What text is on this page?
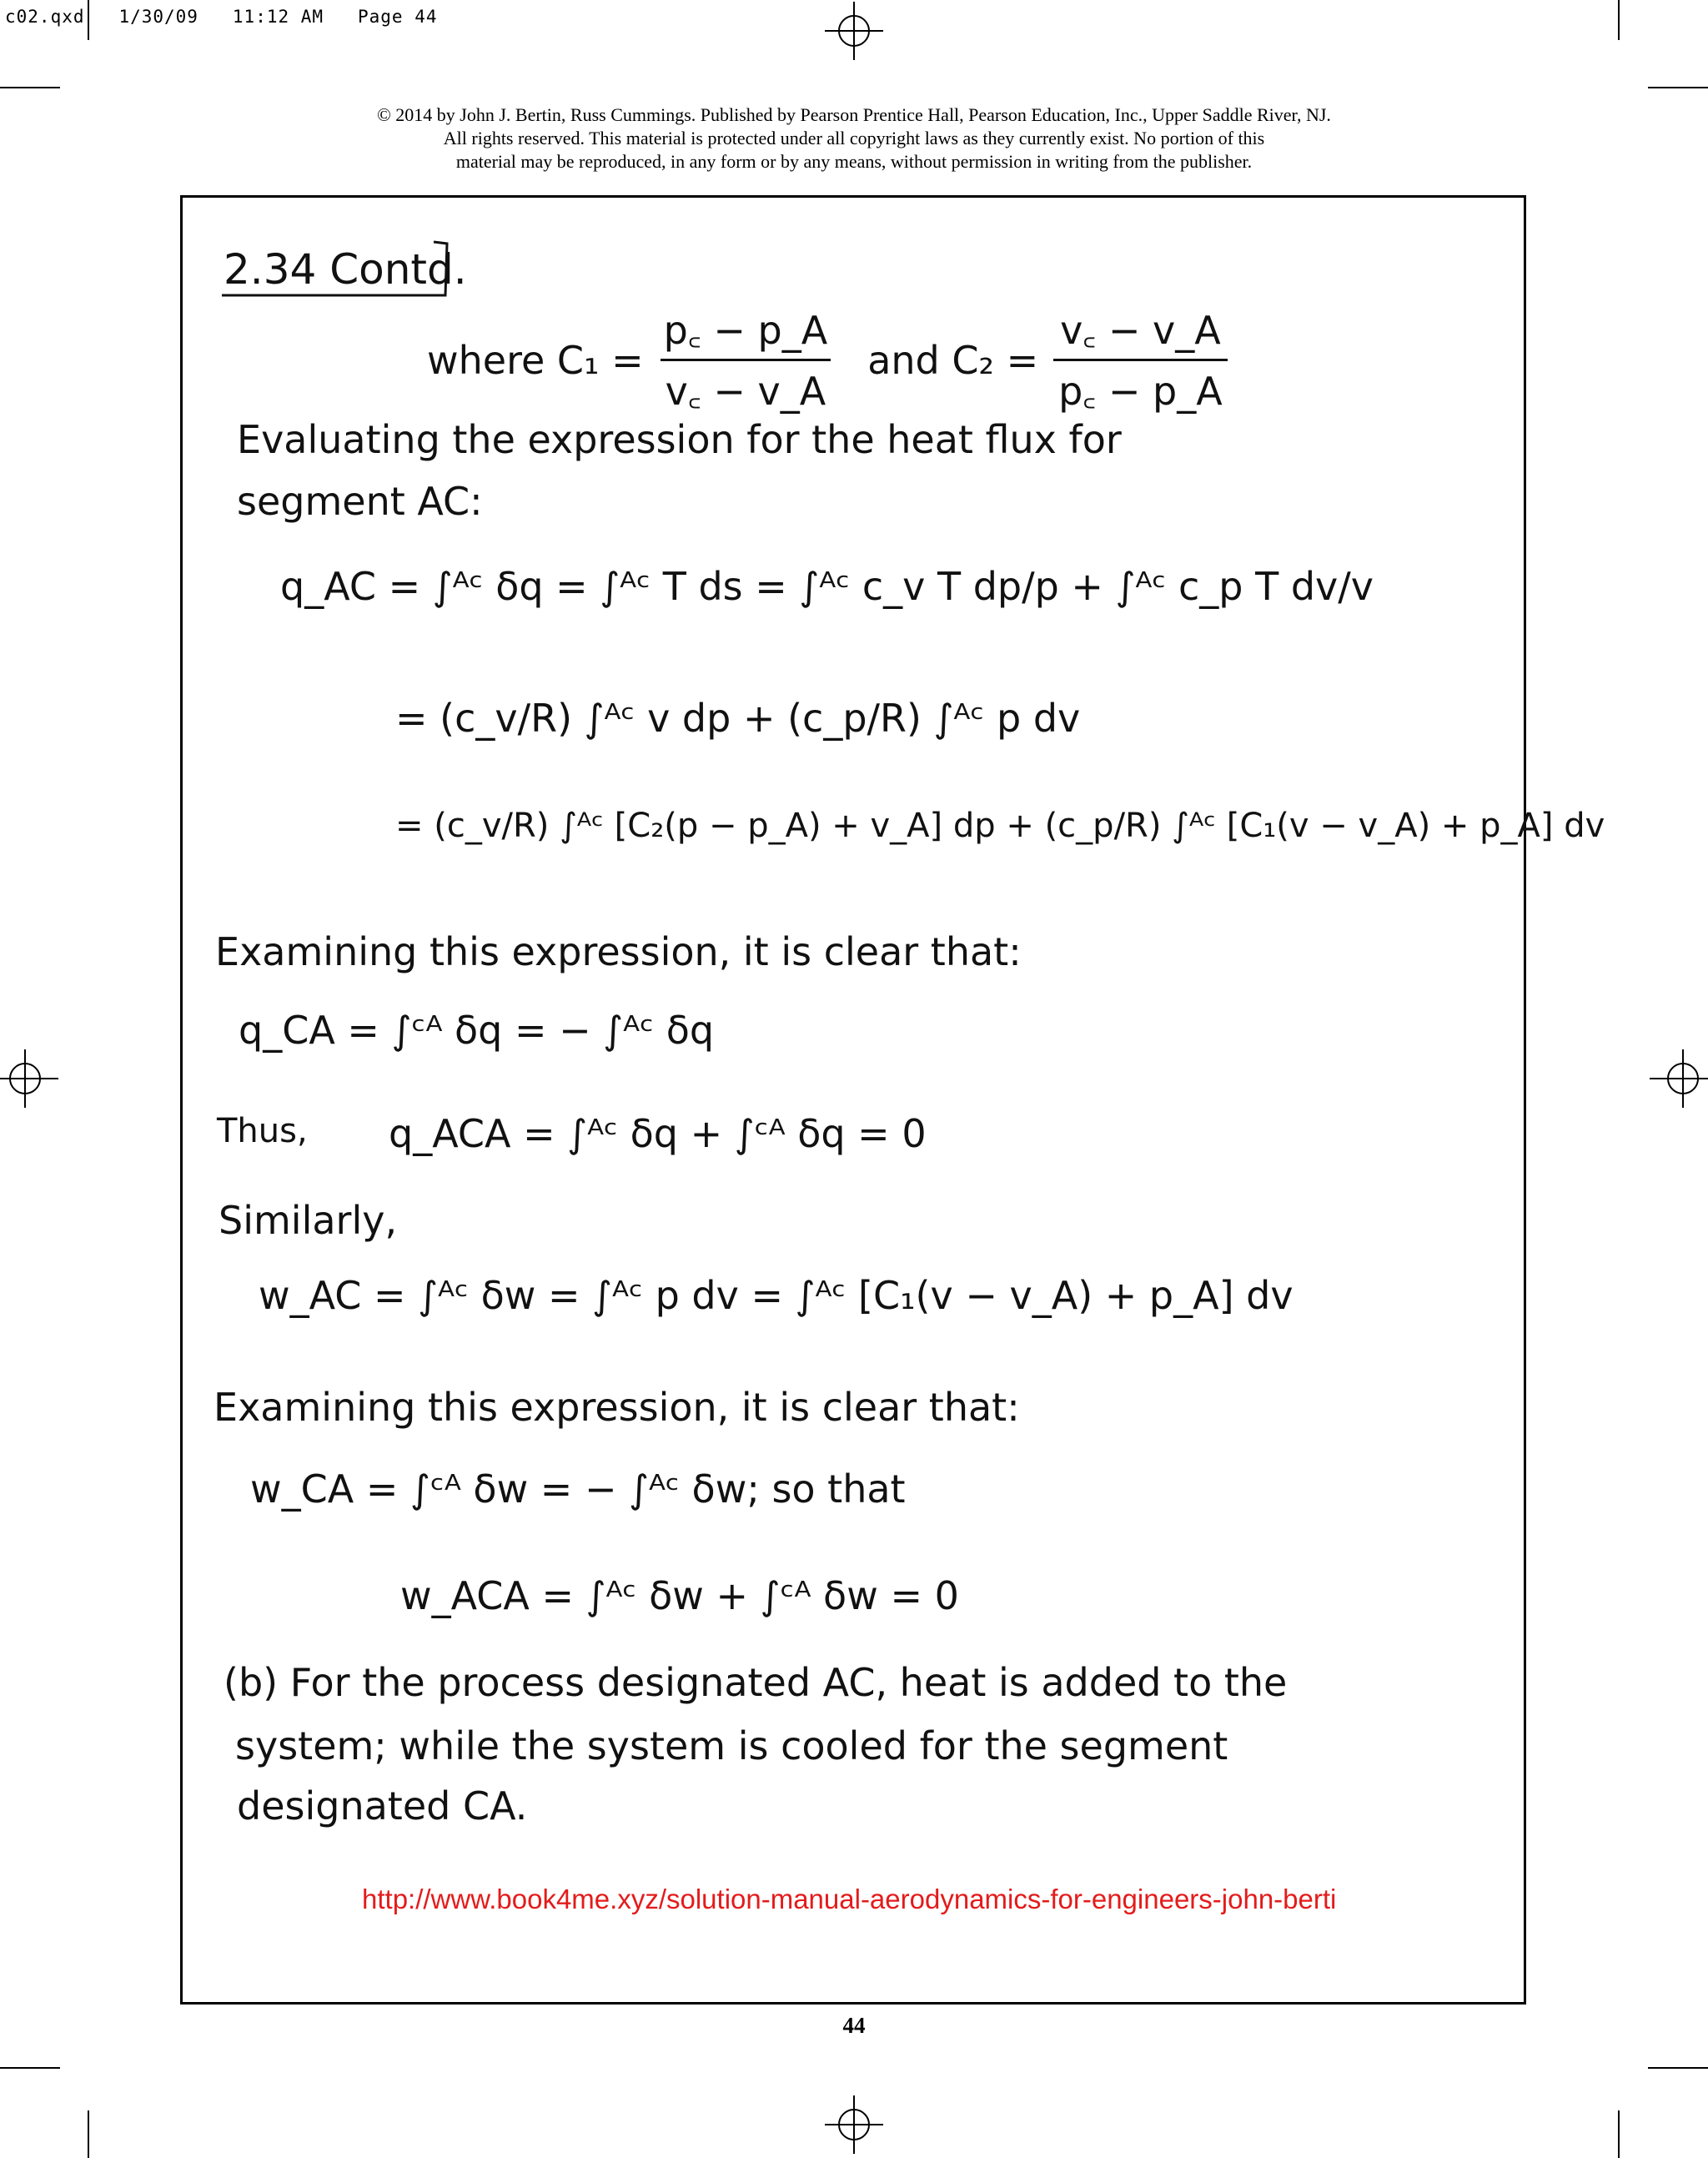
c02.qxd 1/30/09 11:12 AM Page 44
© 2014 by John J. Bertin, Russ Cummings. Published by Pearson Prentice Hall, Pearson Education, Inc., Upper Saddle River, NJ.
All rights reserved. This material is protected under all copyright laws as they currently exist. No portion of this
material may be reproduced, in any form or by any means, without permission in writing from the publisher.
2.34 Contd.
where $C_1 = \frac{p꜀ - p\_A}{v꜀ - v\_A}$ and $C_2 = \frac{v꜀ - v\_A}{p꜀ - p\_A}$
Evaluating the expression for the heat flux for
segment AC:
q_AC = ∫ᴬᶜ δq = ∫ᴬᶜ T ds = ∫ᴬᶜ c_v T dp/p + ∫ᴬᶜ c_p T dv/v
= (c_v/R) ∫ᴬᶜ v dp + (c_p/R) ∫ᴬᶜ p dv
= (c_v/R) ∫ᴬᶜ [C₂(p − p_A) + v_A] dp + (c_p/R) ∫ᴬᶜ [C₁(v − v_A) + p_A] dv
Examining this expression, it is clear that:
q_CA = ∫ᶜᴬ δq = − ∫ᴬᶜ δq
Thus, q_ACA = ∫ᴬᶜ δq + ∫ᶜᴬ δq = 0
Similarly,
w_AC = ∫ᴬᶜ δw = ∫ᴬᶜ p dv = ∫ᴬᶜ [C₁(v − v_A) + p_A] dv
Examining this expression, it is clear that:
w_CA = ∫ᶜᴬ δw = − ∫ᴬᶜ δw; so that
w_ACA = ∫ᴬᶜ δw + ∫ᶜᴬ δw = 0
(b) For the process designated AC, heat is added to the
system; while the system is cooled for the segment
designated CA.
http://www.book4me.xyz/solution-manual-aerodynamics-for-engineers-john-berti
44
